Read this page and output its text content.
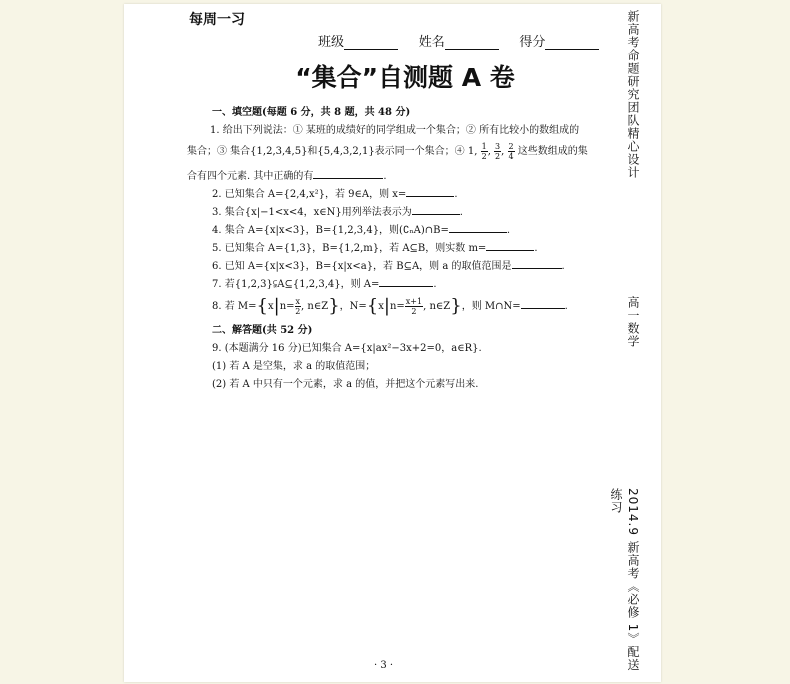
每周一习
班级	姓名	得分
“集合”自测题 A 卷
一、填空题(每题 6 分，共 8 题，共 48 分)
1. 给出下列说法：① 某班的成绩好的同学组成一个集合；② 所有比较小的数组成的
集合；③ 集合{1,2,3,4,5}和{5,4,3,2,1}表示同一个集合；④ 1, $\frac{1}{2}$ , $\frac{3}{2}$ , $\frac{2}{4}$ 这些数组成的集
合有四个元素. 其中正确的有	.
2. 已知集合 A={2,4,x²}，若 9∈A，则 x=	.
3. 集合{x|−1<x<4，x∈N}用列举法表示为	.
4. 集合 A={x|x<3}，B={1,2,3,4}，则(∁ₙA)∩B=	.
5. 已知集合 A={1,3}，B={1,2,m}，若 A⊆B，则实数 m=	.
6. 已知 A={x|x<3}，B={x|x<a}，若 B⊆A，则 a 的取值范围是	.
7. 若{1,2,3}⫋A⊆{1,2,3,4}，则 A=	.
8. 若 $M=\{x|n= \frac{x}{2}$ , n∈Z}，$N=\{x|n= \frac{x+1}{2}$ , n∈Z}，则 M∩N=	.
二、解答题(共 52 分)
9. (本题满分 16 分)已知集合 A={x|ax²−3x+2=0，a∈R}.
(1) 若 A 是空集，求 a 的取值范围；
(2) 若 A 中只有一个元素，求 a 的值，并把这个元素写出来.
新高考命题研究团队精心设计
高一数学
2014.9 新高考《必修 1》配送练习
· 3 ·
